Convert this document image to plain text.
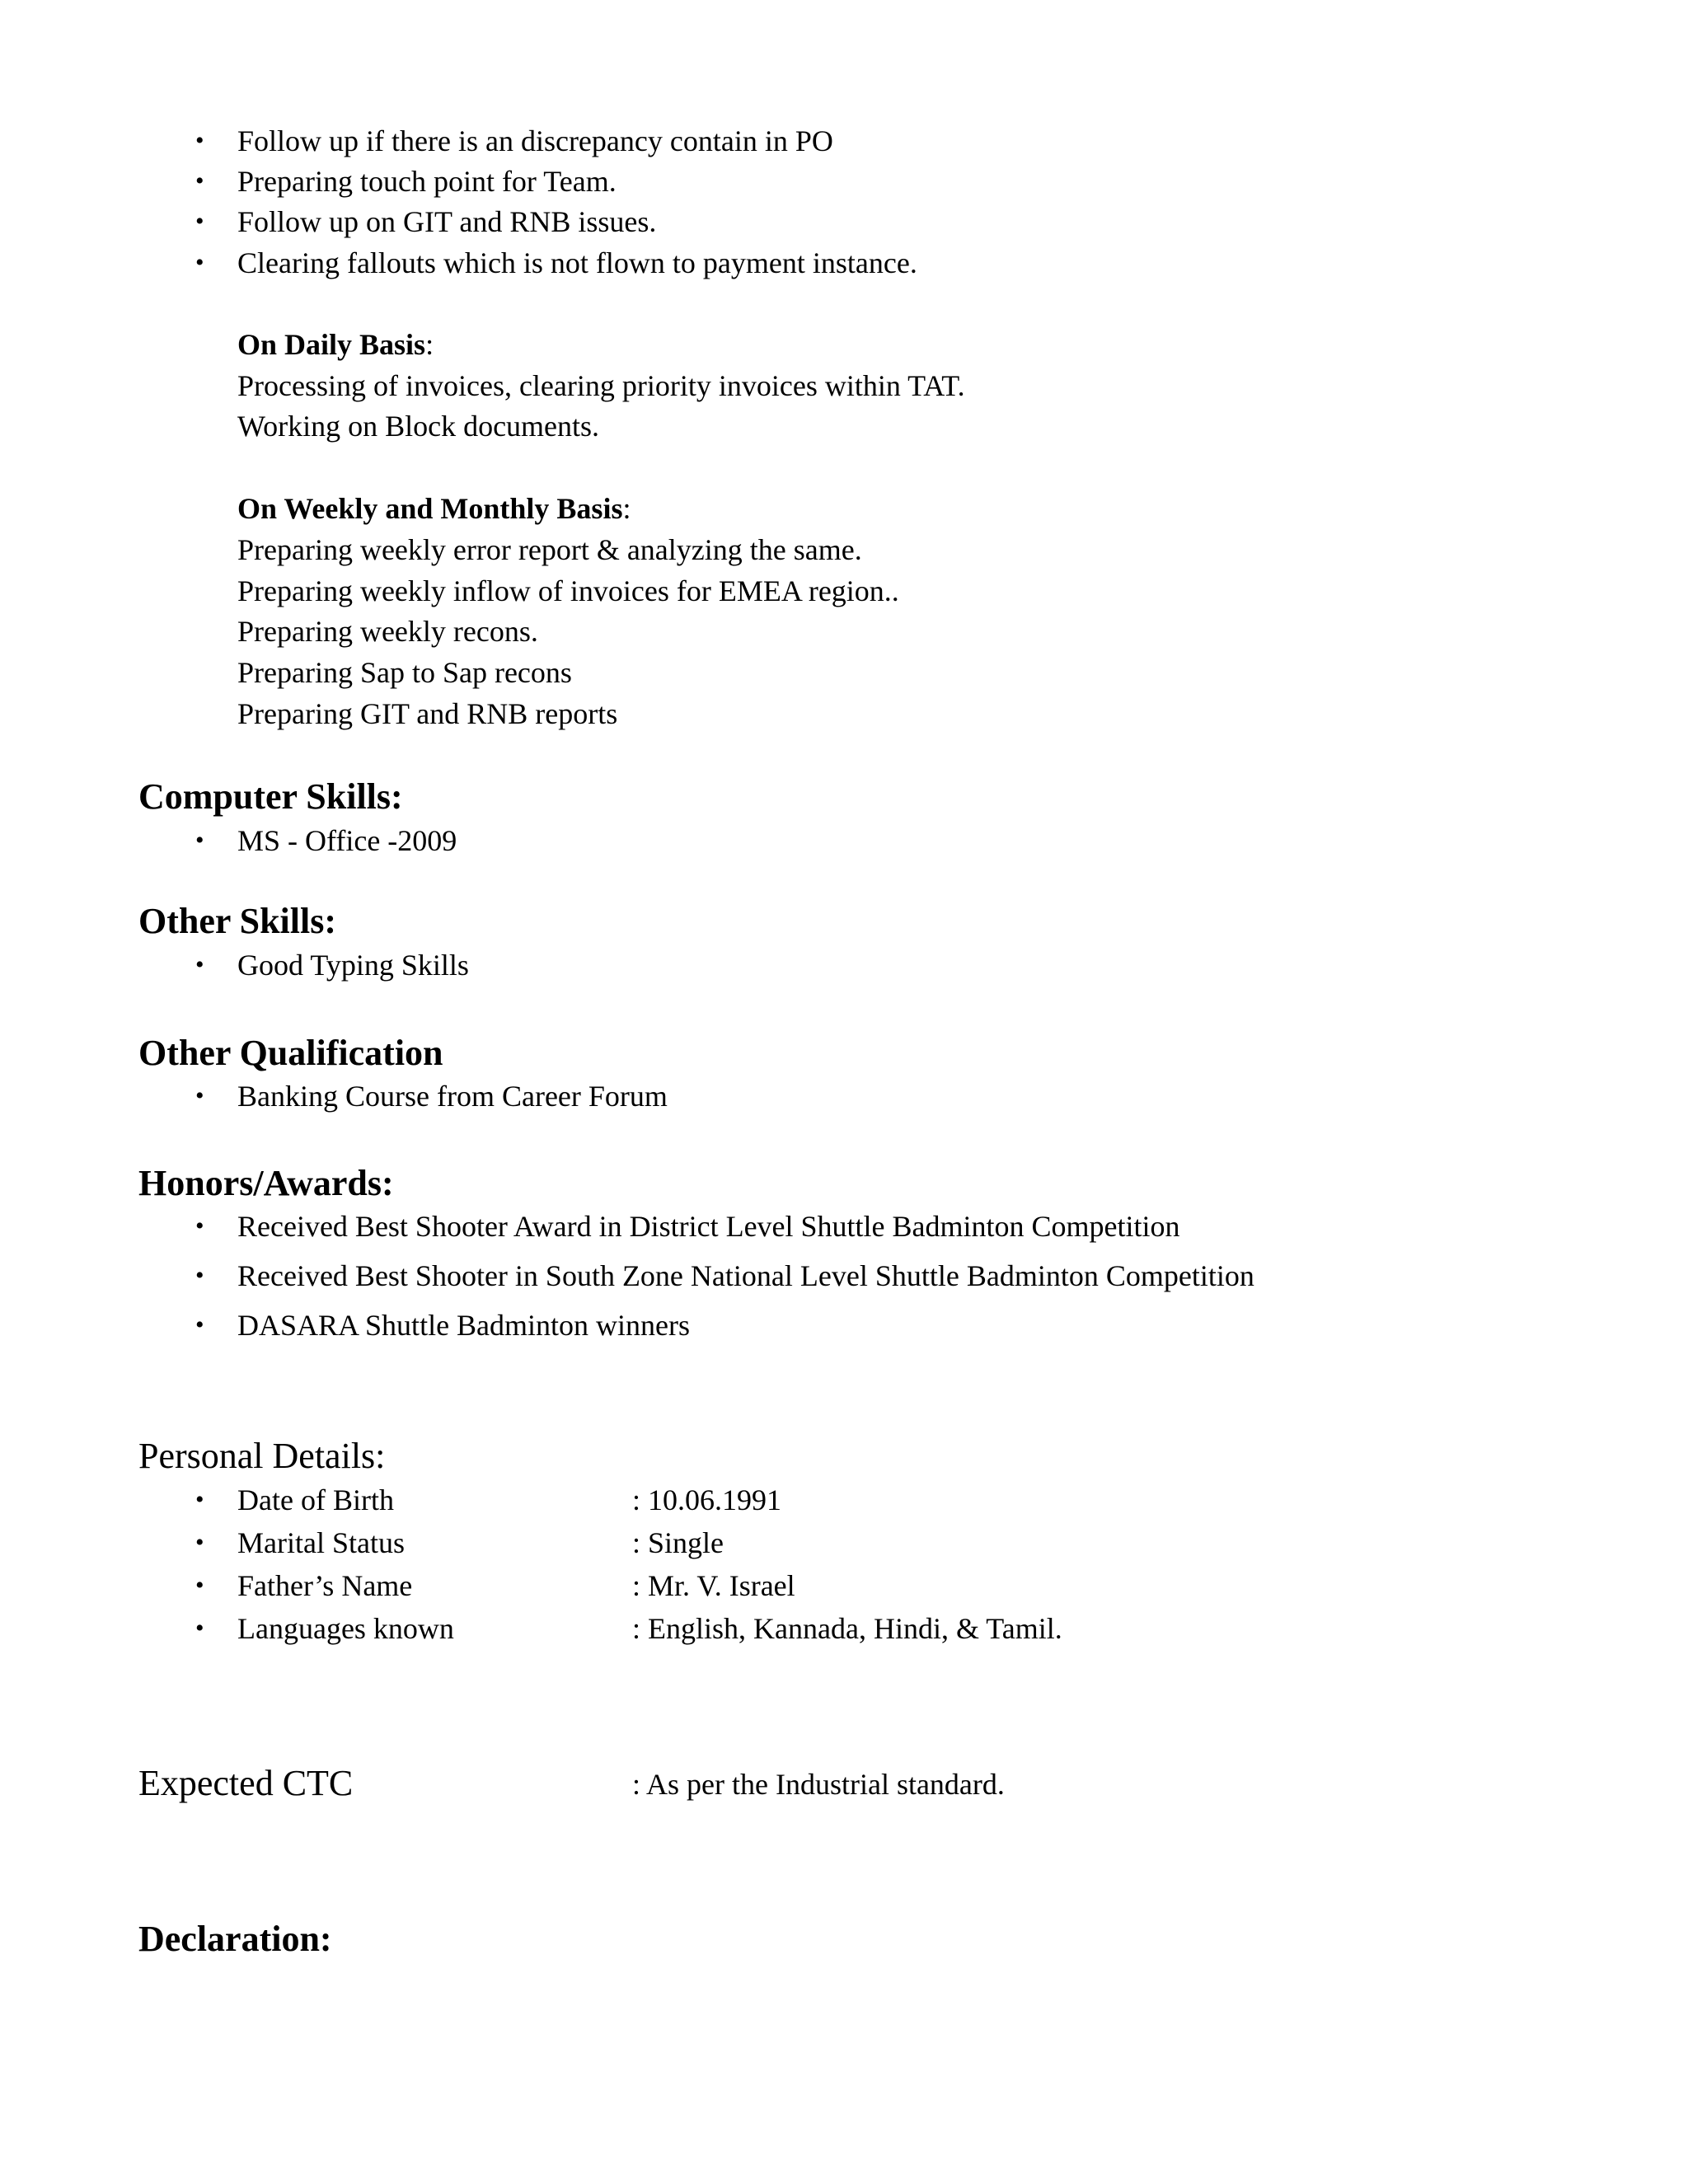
• Follow up if there is an discrepancy contain in PO
• Preparing touch point for Team.
• Follow up on GIT and RNB issues.
• Clearing fallouts which is not flown to payment instance.
On Daily Basis:
Processing of invoices, clearing priority invoices within TAT.
Working on Block documents.
On Weekly and Monthly Basis:
Preparing weekly error report & analyzing the same.
Preparing weekly inflow of invoices for EMEA region..
Preparing weekly recons.
Preparing Sap to Sap recons
Preparing GIT and RNB reports
Computer Skills:
• MS - Office -2009
Other Skills:
• Good Typing Skills
Other Qualification
• Banking Course from Career Forum
Honors/Awards:
• Received Best Shooter Award in District Level Shuttle Badminton Competition
• Received Best Shooter in South Zone National Level Shuttle Badminton Competition
• DASARA Shuttle Badminton winners
Personal Details:
• Date of Birth	: 10.06.1991
• Marital Status	: Single
• Father’s Name	: Mr. V. Israel
• Languages known	: English, Kannada, Hindi, & Tamil.
Expected CTC	: As per the Industrial standard.
Declaration:
